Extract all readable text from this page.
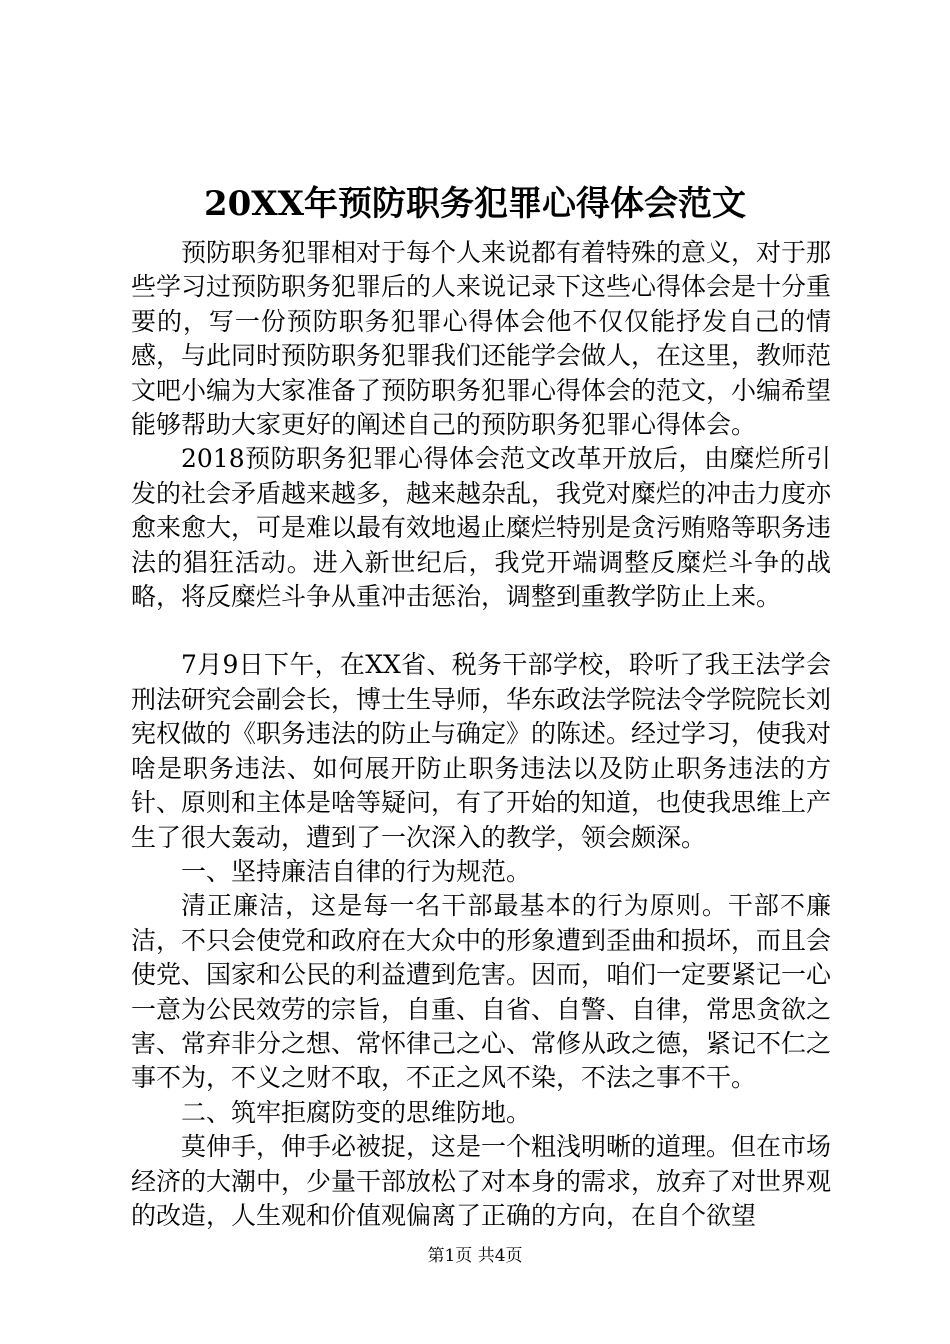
20XX年预防职务犯罪心得体会范文

预防职务犯罪相对于每个人来说都有着特殊的意义，对于那些学习过预防职务犯罪后的人来说记录下这些心得体会是十分重要的，写一份预防职务犯罪心得体会他不仅仅能抒发自己的情感，与此同时预防职务犯罪我们还能学会做人，在这里，教师范文吧小编为大家准备了预防职务犯罪心得体会的范文，小编希望能够帮助大家更好的阐述自己的预防职务犯罪心得体会。

2018预防职务犯罪心得体会范文改革开放后，由糜烂所引发的社会矛盾越来越多，越来越杂乱，我党对糜烂的冲击力度亦愈来愈大，可是难以最有效地遏止糜烂特别是贪污贿赂等职务违法的猖狂活动。进入新世纪后，我党开端调整反糜烂斗争的战略，将反糜烂斗争从重冲击惩治，调整到重教学防止上来。

7月9日下午，在XX省、税务干部学校，聆听了我王法学会刑法研究会副会长，博士生导师，华东政法学院法令学院院长刘宪权做的《职务违法的防止与确定》的陈述。经过学习，使我对啥是职务违法、如何展开防止职务违法以及防止职务违法的方针、原则和主体是啥等疑问，有了开始的知道，也使我思维上产生了很大轰动，遭到了一次深入的教学，领会颇深。

一、坚持廉洁自律的行为规范。

清正廉洁，这是每一名干部最基本的行为原则。干部不廉洁，不只会使党和政府在大众中的形象遭到歪曲和损坏，而且会使党、国家和公民的利益遭到危害。因而，咱们一定要紧记一心一意为公民效劳的宗旨，自重、自省、自警、自律，常思贪欲之害、常弃非分之想、常怀律己之心、常修从政之德，紧记不仁之事不为，不义之财不取，不正之风不染，不法之事不干。

二、筑牢拒腐防变的思维防地。

莫伸手，伸手必被捉，这是一个粗浅明晰的道理。但在市场经济的大潮中，少量干部放松了对本身的需求，放弃了对世界观的改造，人生观和价值观偏离了正确的方向，在自个欲望

第1页 共4页
